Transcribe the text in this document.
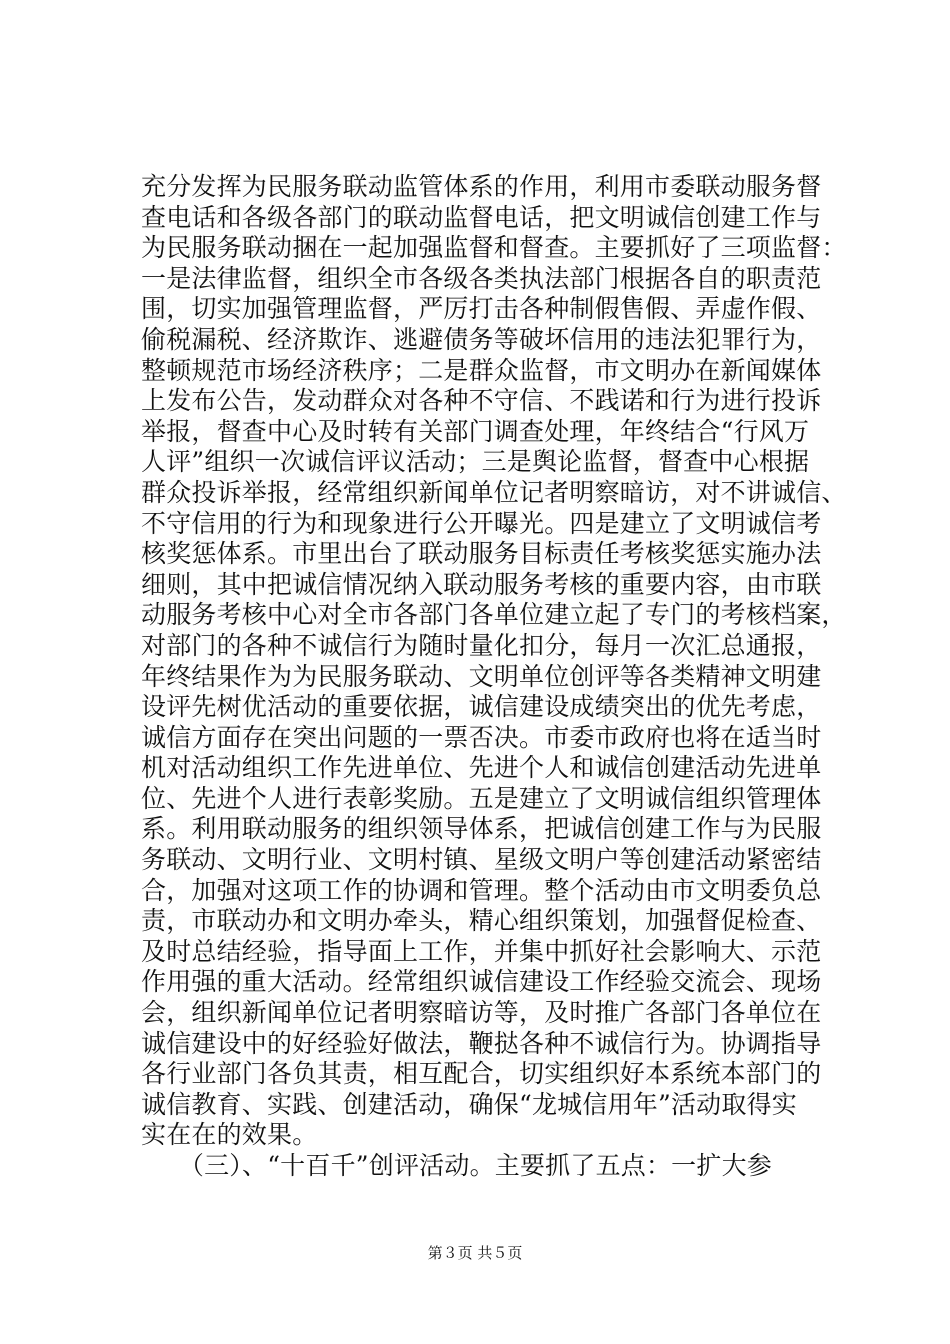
充分发挥为民服务联动监管体系的作用，利用市委联动服务督
查电话和各级各部门的联动监督电话，把文明诚信创建工作与
为民服务联动捆在一起加强监督和督查。主要抓好了三项监督：
一是法律监督，组织全市各级各类执法部门根据各自的职责范
围，切实加强管理监督，严厉打击各种制假售假、弄虚作假、
偷税漏税、经济欺诈、逃避债务等破坏信用的违法犯罪行为，
整顿规范市场经济秩序；二是群众监督，市文明办在新闻媒体
上发布公告，发动群众对各种不守信、不践诺和行为进行投诉
举报，督查中心及时转有关部门调查处理，年终结合“行风万
人评”组织一次诚信评议活动；三是舆论监督，督查中心根据
群众投诉举报，经常组织新闻单位记者明察暗访，对不讲诚信、
不守信用的行为和现象进行公开曝光。四是建立了文明诚信考
核奖惩体系。市里出台了联动服务目标责任考核奖惩实施办法
细则，其中把诚信情况纳入联动服务考核的重要内容，由市联
动服务考核中心对全市各部门各单位建立起了专门的考核档案，
对部门的各种不诚信行为随时量化扣分，每月一次汇总通报，
年终结果作为为民服务联动、文明单位创评等各类精神文明建
设评先树优活动的重要依据，诚信建设成绩突出的优先考虑，
诚信方面存在突出问题的一票否决。市委市政府也将在适当时
机对活动组织工作先进单位、先进个人和诚信创建活动先进单
位、先进个人进行表彰奖励。五是建立了文明诚信组织管理体
系。利用联动服务的组织领导体系，把诚信创建工作与为民服
务联动、文明行业、文明村镇、星级文明户等创建活动紧密结
合，加强对这项工作的协调和管理。整个活动由市文明委负总
责，市联动办和文明办牵头，精心组织策划，加强督促检查、
及时总结经验，指导面上工作，并集中抓好社会影响大、示范
作用强的重大活动。经常组织诚信建设工作经验交流会、现场
会，组织新闻单位记者明察暗访等，及时推广各部门各单位在
诚信建设中的好经验好做法，鞭挞各种不诚信行为。协调指导
各行业部门各负其责，相互配合，切实组织好本系统本部门的
诚信教育、实践、创建活动，确保“龙城信用年”活动取得实
实在在的效果。
　　（三）、“十百千”创评活动。主要抓了五点：一扩大参
第３页 共５页
